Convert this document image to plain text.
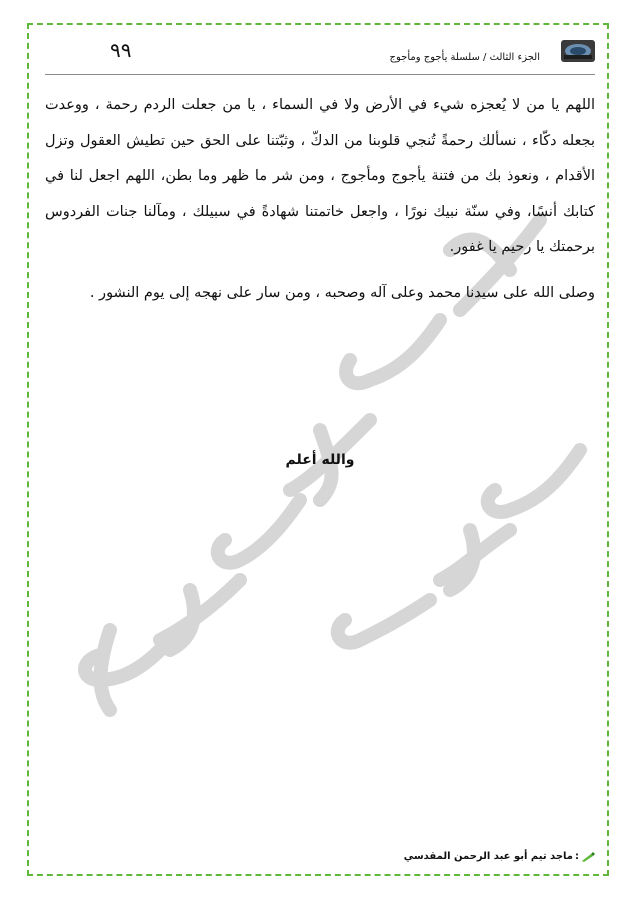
٩٩	الجزء الثالث / سلسلة يأجوج ومأجوج

اللهم يا من لا يُعجزه شيء في الأرض ولا في السماء ، يا من جعلت الردم رحمة ، ووعدت بجعله دكّاء ، نسألك رحمةً تُنجي قلوبنا من الدكّ ، وثبّتنا على الحق حين تطيش العقول وتزل الأقدام ، ونعوذ بك من فتنة يأجوج ومأجوج ، ومن شر ما ظهر وما بطن، اللهم اجعل لنا في كتابك أنسًا، وفي سنّة نبيك نورًا ، واجعل خاتمتنا شهادةً في سبيلك ، ومآلنا جنات الفردوس برحمتك يا رحيم يا غفور.

وصلى الله على سيدنا محمد وعلى آله وصحبه ، ومن سار على نهجه إلى يوم النشور .

والله أعلم
:
ماجد تيم أبو عبد الرحمن المقدسي
